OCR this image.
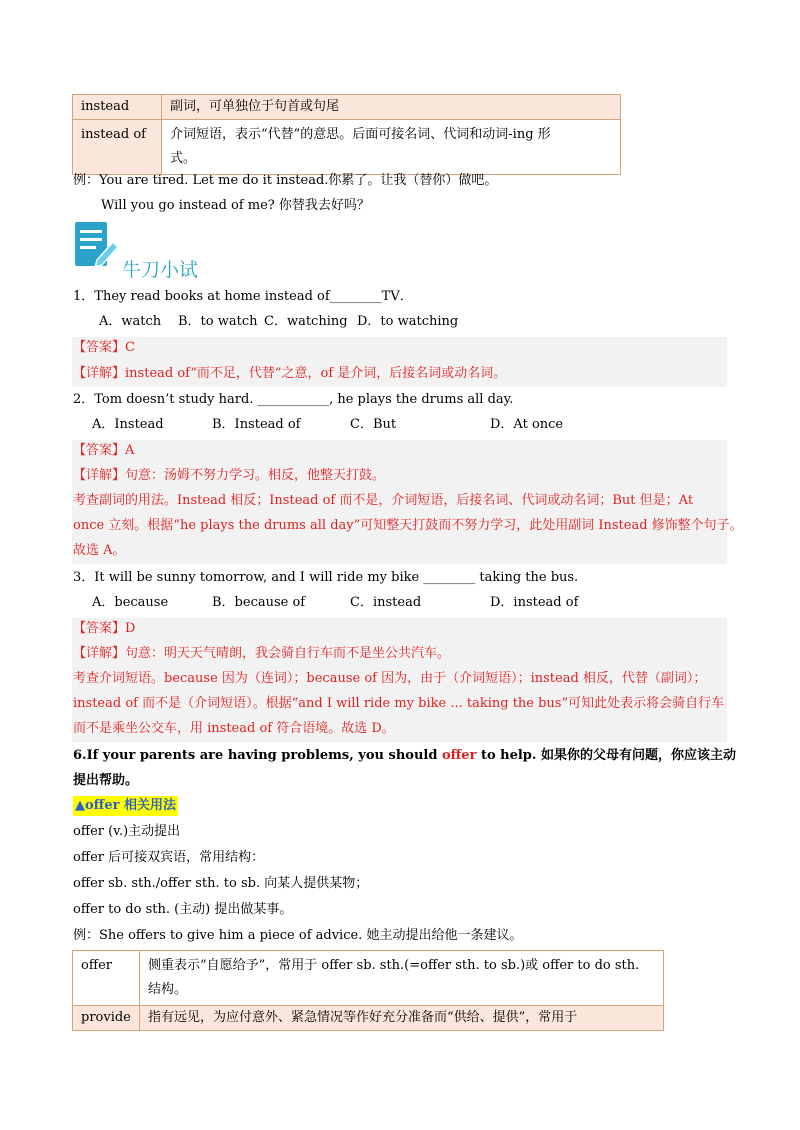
instead	副词，可单独位于句首或句尾
instead of	介词短语，表示“代替”的意思。后面可接名词、代词和动词-ing 形
式。
例：You are tired. Let me do it instead.你累了。让我（替你）做吧。
Will you go instead of me? 你替我去好吗？
牛刀小试
1．They read books at home instead of________TV．
A．watch B．to watch C．watching D．to watching
【答案】C
【详解】instead of“而不足，代替”之意，of 是介词，后接名词或动名词。
2．Tom doesn’t study hard. ___________, he plays the drums all day.
A．Instead	B．Instead of	C．But	D．At once
【答案】A
【详解】句意：汤姆不努力学习。相反，他整天打鼓。
考查副词的用法。Instead 相反；Instead of 而不是，介词短语，后接名词、代词或动名词；But 但是；At
once 立刻。根据“he plays the drums all day”可知整天打鼓而不努力学习，此处用副词 Instead 修饰整个句子。
故选 A。
3．It will be sunny tomorrow, and I will ride my bike ________ taking the bus.
A．because	B．because of	C．instead	D．instead of
【答案】D
【详解】句意：明天天气晴朗，我会骑自行车而不是坐公共汽车。
考查介词短语。because 因为（连词）；because of 因为，由于（介词短语）；instead 相反，代替（副词）；
instead of 而不是（介词短语）。根据“and I will ride my bike ... taking the bus”可知此处表示将会骑自行车
而不是乘坐公交车，用 instead of 符合语境。故选 D。
6.If your parents are having problems, you should offer to help. 如果你的父母有问题，你应该主动
提出帮助。
▲offer 相关用法
offer (v.)主动提出
offer 后可接双宾语，常用结构：
offer sb. sth./offer sth. to sb. 向某人提供某物；
offer to do sth. (主动) 提出做某事。
例：She offers to give him a piece of advice. 她主动提出给他一条建议。
offer	侧重表示“自愿给予”，常用于 offer sb. sth.(=offer sth. to sb.)或 offer to do sth.
结构。

provide	指有远见，为应付意外、紧急情况等作好充分准备而“供给、提供”，常用于
